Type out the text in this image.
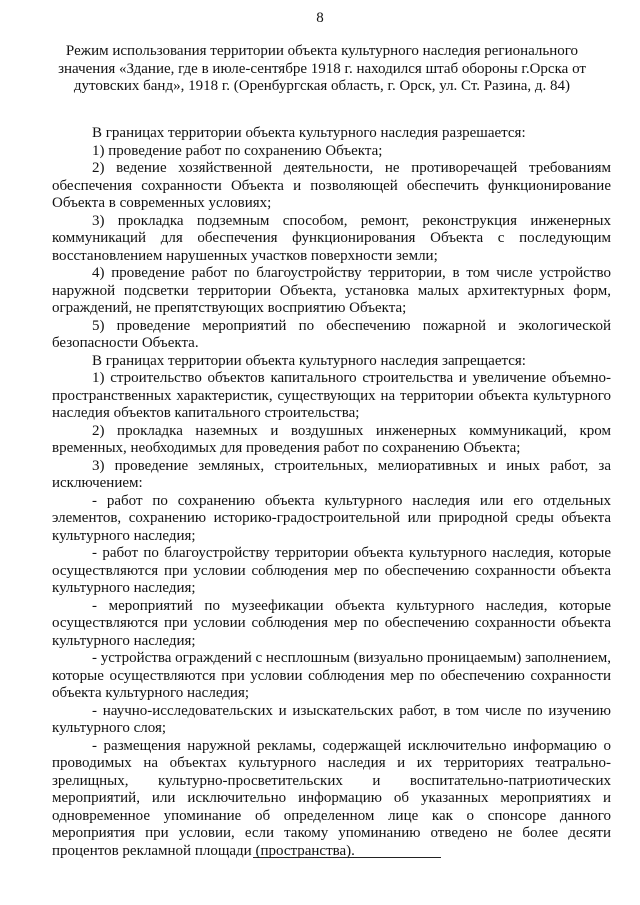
8
Режим использования территории объекта культурного наследия регионального
значения «Здание, где в июле-сентябре 1918 г. находился штаб обороны г.Орска от
дутовских банд», 1918 г. (Оренбургская область, г. Орск, ул. Ст. Разина, д. 84)

В границах территории объекта культурного наследия разрешается:

1) проведение работ по сохранению Объекта;

2) ведение хозяйственной деятельности, не противоречащей требованиям обеспечения сохранности Объекта и позволяющей обеспечить функционирование Объекта в современных условиях;

3) прокладка подземным способом, ремонт, реконструкция инженерных коммуникаций для обеспечения функционирования Объекта с последующим восстановлением нарушенных участков поверхности земли;

4) проведение работ по благоустройству территории, в том числе устройство наружной подсветки территории Объекта, установка малых архитектурных форм, ограждений, не препятствующих восприятию Объекта;

5) проведение мероприятий по обеспечению пожарной и экологической безопасности Объекта.

В границах территории объекта культурного наследия запрещается:

1) строительство объектов капитального строительства и увеличение объемно-пространственных характеристик, существующих на территории объекта культурного наследия объектов капитального строительства;

2) прокладка наземных и воздушных инженерных коммуникаций, кром временных, необходимых для проведения работ по сохранению Объекта;

3) проведение земляных, строительных, мелиоративных и иных работ, за исключением:

- работ по сохранению объекта культурного наследия или его отдельных элементов, сохранению историко-градостроительной или природной среды объекта культурного наследия;

- работ по благоустройству территории объекта культурного наследия, которые осуществляются при условии соблюдения мер по обеспечению сохранности объекта культурного наследия;

- мероприятий по музеефикации объекта культурного наследия, которые осуществляются при условии соблюдения мер по обеспечению сохранности объекта культурного наследия;

- устройства ограждений с несплошным (визуально проницаемым) заполнением, которые осуществляются при условии соблюдения мер по обеспечению сохранности объекта культурного наследия;

- научно-исследовательских и изыскательских работ, в том числе по изучению культурного слоя;

- размещения наружной рекламы, содержащей исключительно информацию о проводимых на объектах культурного наследия и их территориях театрально-зрелищных, культурно-просветительских и воспитательно-патриотических мероприятий, или исключительно информацию об указанных мероприятиях и одновременное упоминание об определенном лице как о спонсоре данного мероприятия при условии, если такому упоминанию отведено не более десяти процентов рекламной площади (пространства).
